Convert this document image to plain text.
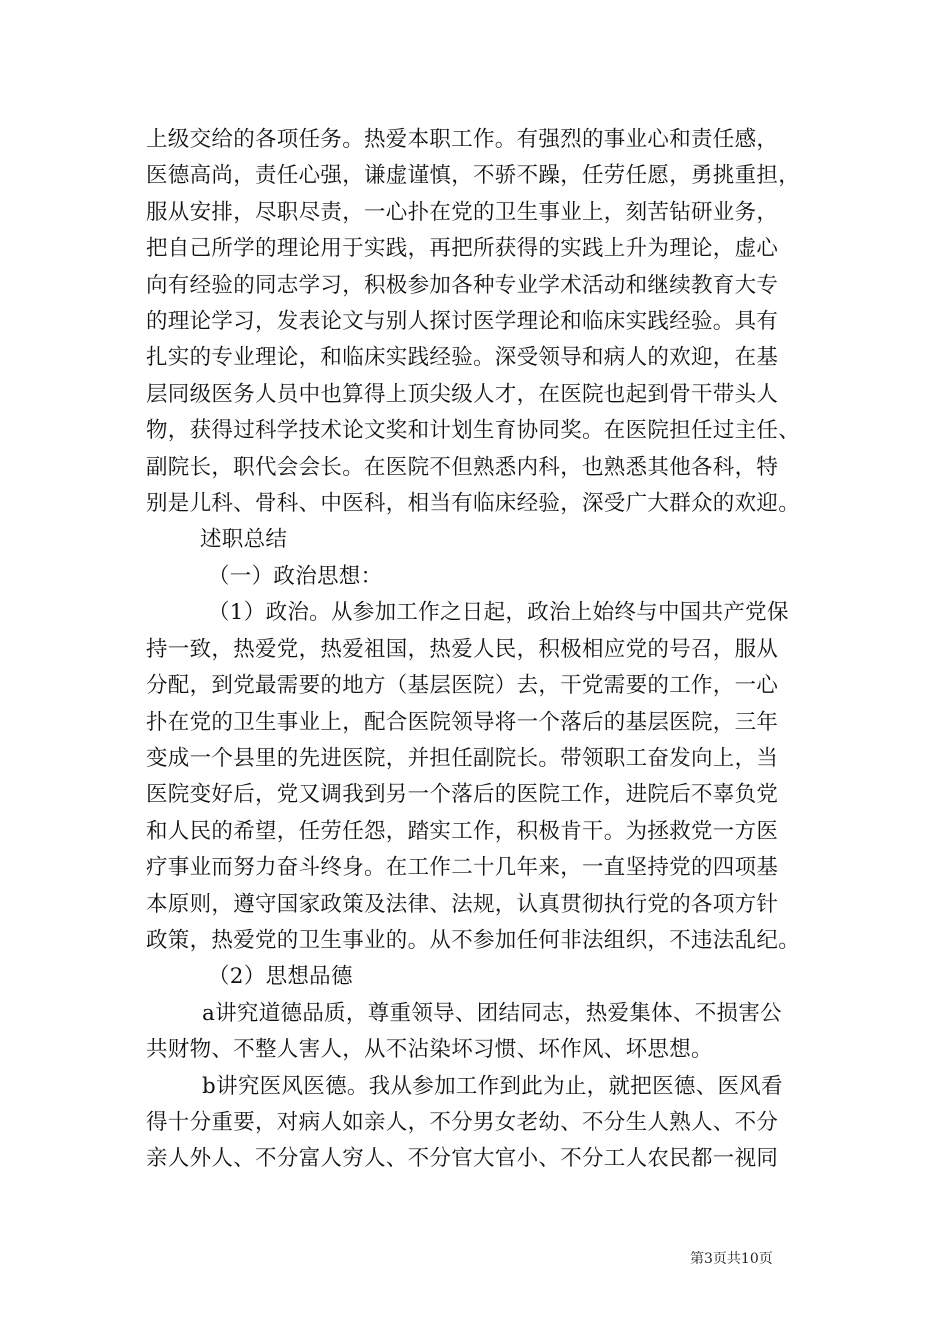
上级交给的各项任务。热爱本职工作。有强烈的事业心和责任感，
医德高尚，责任心强，谦虚谨慎，不骄不躁，任劳任愿，勇挑重担，
服从安排，尽职尽责，一心扑在党的卫生事业上，刻苦钻研业务，
把自己所学的理论用于实践，再把所获得的实践上升为理论，虚心
向有经验的同志学习，积极参加各种专业学术活动和继续教育大专
的理论学习，发表论文与别人探讨医学理论和临床实践经验。具有
扎实的专业理论，和临床实践经验。深受领导和病人的欢迎，在基
层同级医务人员中也算得上顶尖级人才，在医院也起到骨干带头人
物，获得过科学技术论文奖和计划生育协同奖。在医院担任过主任、
副院长，职代会会长。在医院不但熟悉内科，也熟悉其他各科，特
别是儿科、骨科、中医科，相当有临床经验，深受广大群众的欢迎。

述职总结

（一）政治思想：

（1）政治。从参加工作之日起，政治上始终与中国共产党保
持一致，热爱党，热爱祖国，热爱人民，积极相应党的号召，服从
分配，到党最需要的地方（基层医院）去，干党需要的工作，一心
扑在党的卫生事业上，配合医院领导将一个落后的基层医院，三年
变成一个县里的先进医院，并担任副院长。带领职工奋发向上，当
医院变好后，党又调我到另一个落后的医院工作，进院后不辜负党
和人民的希望，任劳任怨，踏实工作，积极肯干。为拯救党一方医
疗事业而努力奋斗终身。在工作二十几年来，一直坚持党的四项基
本原则，遵守国家政策及法律、法规，认真贯彻执行党的各项方针
政策，热爱党的卫生事业的。从不参加任何非法组织，不违法乱纪。

（2）思想品德

a讲究道德品质，尊重领导、团结同志，热爱集体、不损害公
共财物、不整人害人，从不沾染坏习惯、坏作风、坏思想。

b讲究医风医德。我从参加工作到此为止，就把医德、医风看
得十分重要，对病人如亲人，不分男女老幼、不分生人熟人、不分
亲人外人、不分富人穷人、不分官大官小、不分工人农民都一视同

第3页共10页
